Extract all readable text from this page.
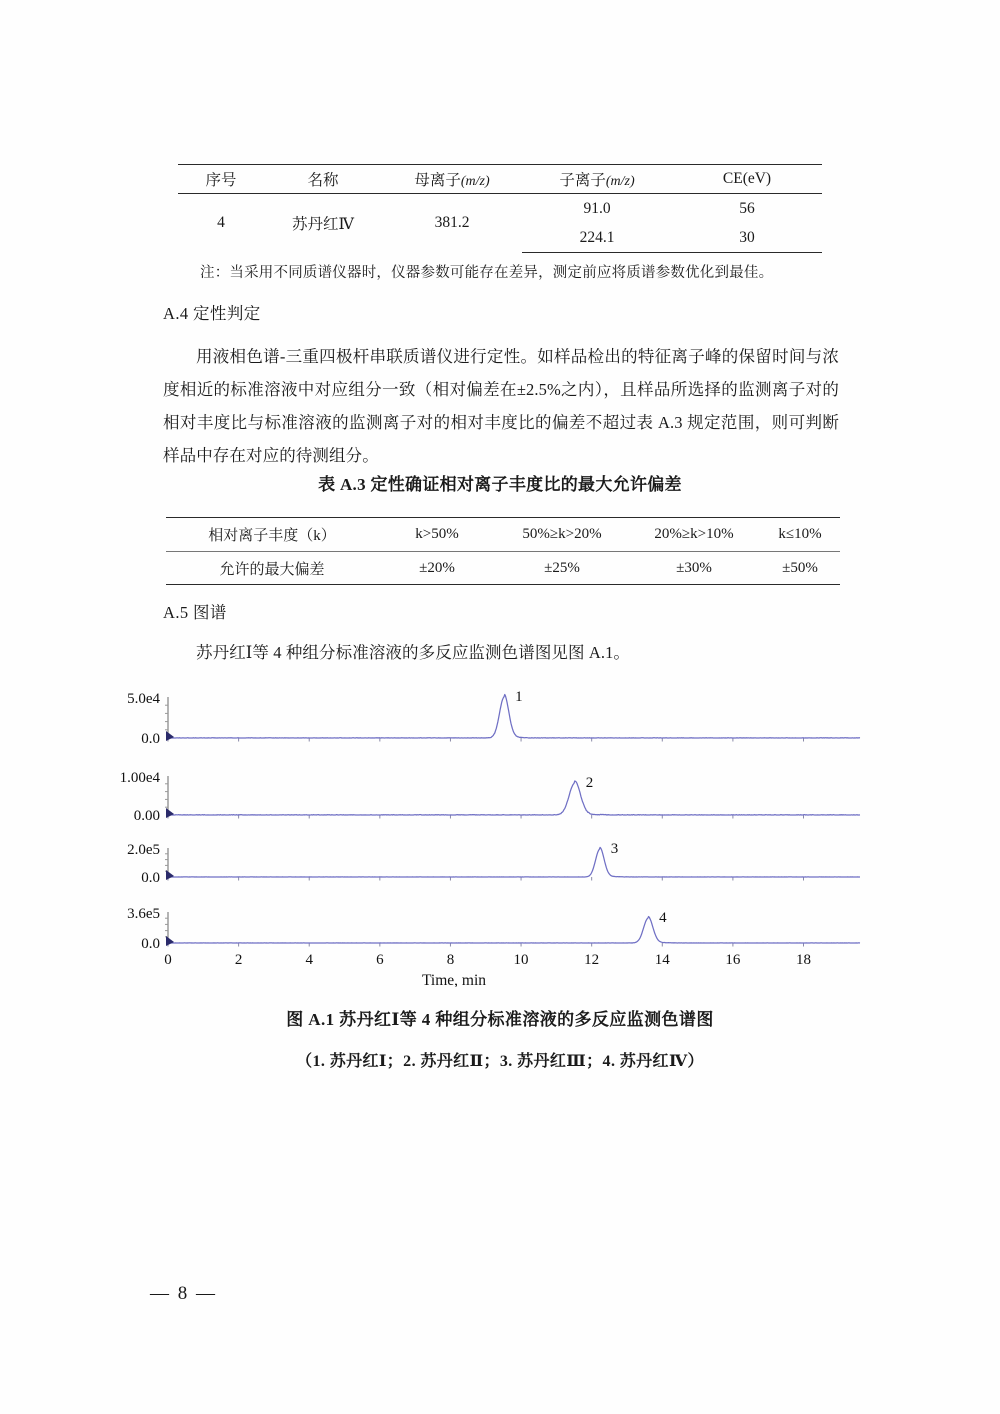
序号	名称	母离子(m/z)	子离子(m/z)	CE(eV)
4	苏丹红Ⅳ	381.2	91.0	56
			224.1	30
注：当采用不同质谱仪器时，仪器参数可能存在差异，测定前应将质谱参数优化到最佳。
A.4 定性判定
用液相色谱-三重四极杆串联质谱仪进行定性。如样品检出的特征离子峰的保留时间与浓度相近的标准溶液中对应组分一致（相对偏差在±2.5%之内），且样品所选择的监测离子对的相对丰度比与标准溶液的监测离子对的相对丰度比的偏差不超过表 A.3 规定范围，则可判断样品中存在对应的待测组分。
表 A.3 定性确证相对离子丰度比的最大允许偏差
相对离子丰度（k）	k>50%	50%≥k>20%	20%≥k>10%	k≤10%
允许的最大偏差	±20%	±25%	±30%	±50%
A.5 图谱
苏丹红Ⅰ等 4 种组分标准溶液的多反应监测色谱图见图 A.1。
5.0e4
0.0
1
1.00e4
0.00
2
2.0e5
0.0
3
3.6e5
0.0
4
0	2	4	6	8	10	12	14	16	18
Time, min
图 A.1 苏丹红Ⅰ等 4 种组分标准溶液的多反应监测色谱图
（1. 苏丹红Ⅰ；2. 苏丹红Ⅱ；3. 苏丹红Ⅲ；4. 苏丹红Ⅳ）
— 8 —
